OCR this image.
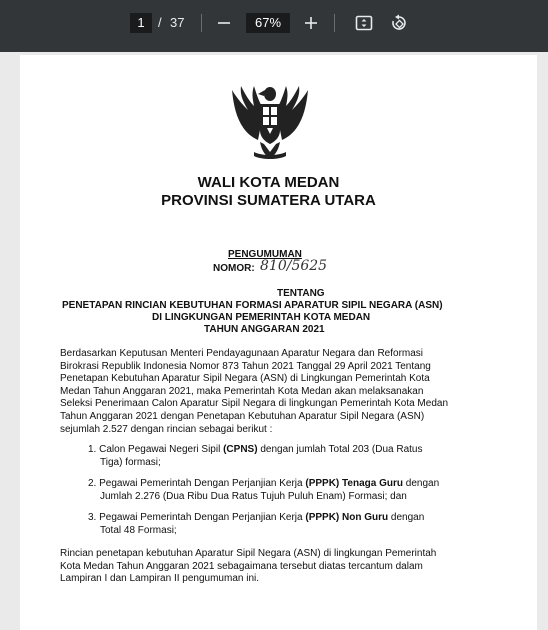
1	/ 37	67%
WALI KOTA MEDAN
PROVINSI SUMATERA UTARA
PENGUMUMAN
NOMOR: 810/5625
TENTANG
PENETAPAN RINCIAN KEBUTUHAN FORMASI APARATUR SIPIL NEGARA (ASN)
DI LINGKUNGAN PEMERINTAH KOTA MEDAN
TAHUN ANGGARAN 2021
Berdasarkan Keputusan Menteri Pendayagunaan Aparatur Negara dan Reformasi
Birokrasi Republik Indonesia Nomor 873 Tahun 2021 Tanggal 29 April 2021 Tentang
Penetapan Kebutuhan Aparatur Sipil Negara (ASN) di Lingkungan Pemerintah Kota
Medan Tahun Anggaran 2021, maka Pemerintah Kota Medan akan melaksanakan
Seleksi Penerimaan Calon Aparatur Sipil Negara di lingkungan Pemerintah Kota Medan
Tahun Anggaran 2021 dengan Penetapan Kebutuhan Aparatur Sipil Negara (ASN)
sejumlah 2.527 dengan rincian sebagai berikut :
1. Calon Pegawai Negeri Sipil (CPNS) dengan jumlah Total 203 (Dua Ratus
Tiga) formasi;
2. Pegawai Pemerintah Dengan Perjanjian Kerja (PPPK) Tenaga Guru dengan
Jumlah 2.276 (Dua Ribu Dua Ratus Tujuh Puluh Enam) Formasi; dan
3. Pegawai Pemerintah Dengan Perjanjian Kerja (PPPK) Non Guru dengan
Total 48 Formasi;
Rincian penetapan kebutuhan Aparatur Sipil Negara (ASN) di lingkungan Pemerintah
Kota Medan Tahun Anggaran 2021 sebagaimana tersebut diatas tercantum dalam
Lampiran I dan Lampiran II pengumuman ini.
